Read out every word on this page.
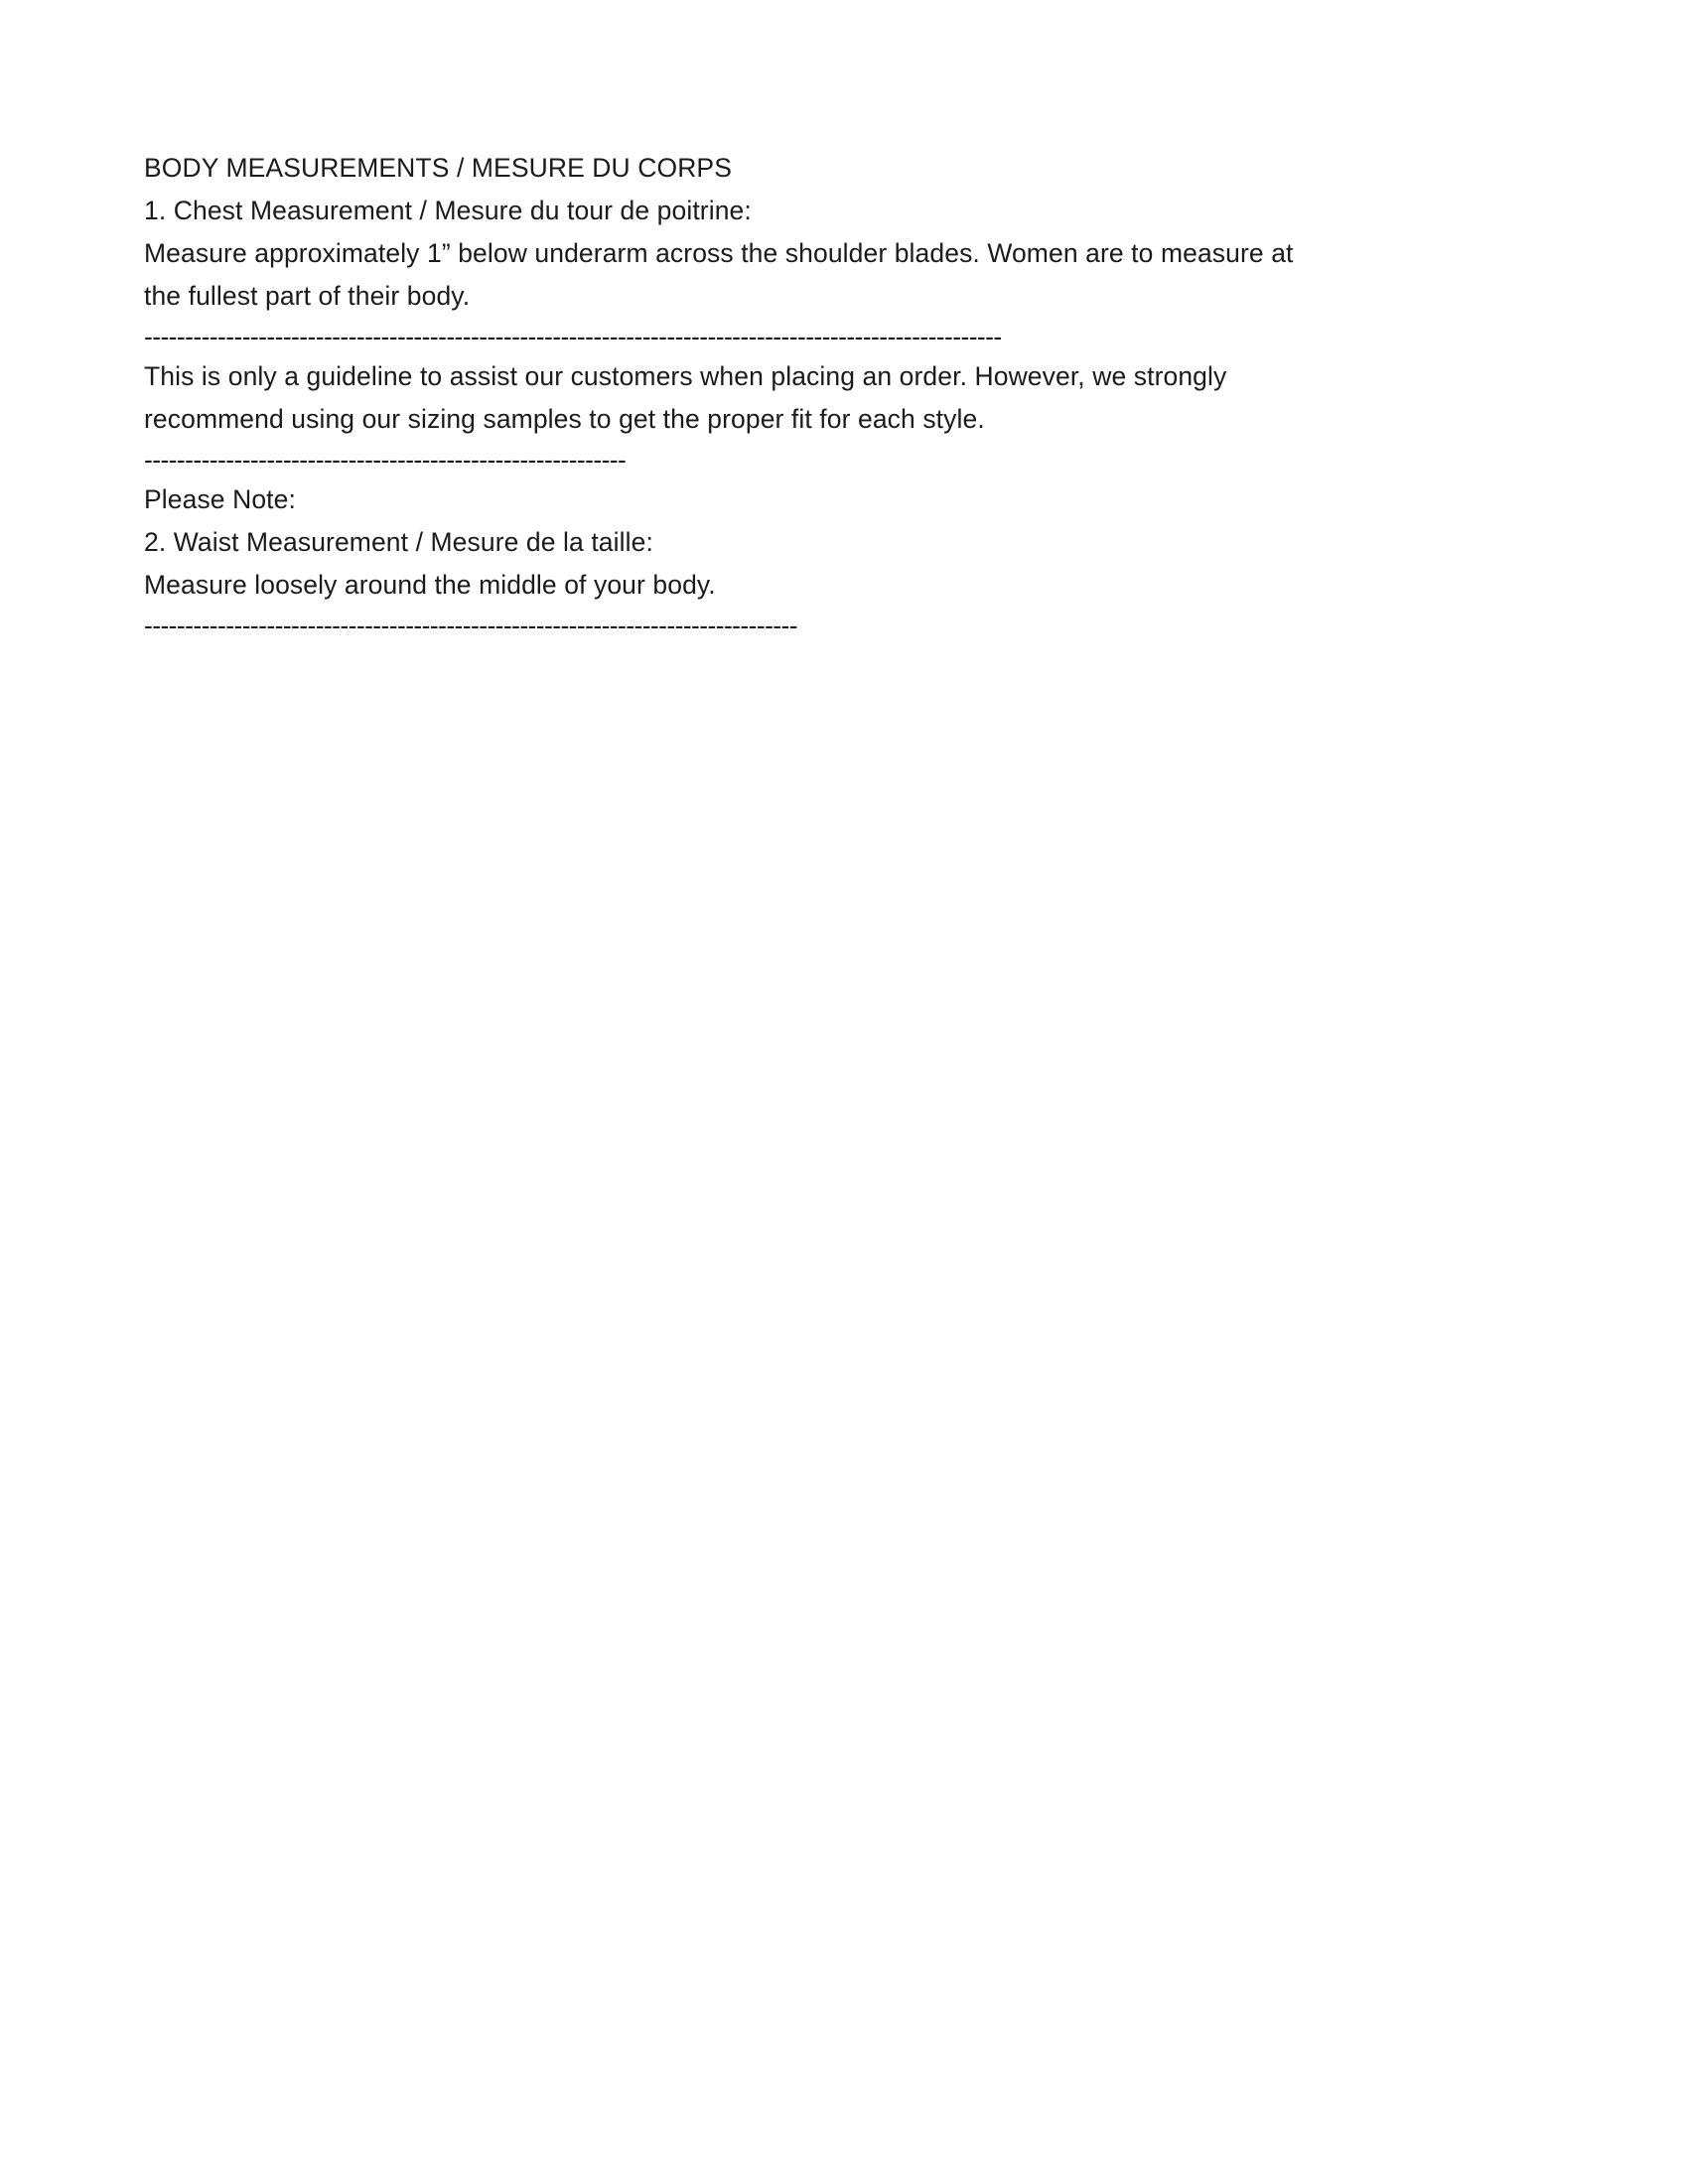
BODY MEASUREMENTS / MESURE DU CORPS
1. Chest Measurement / Mesure du tour de poitrine:
Measure approximately 1” below underarm across the shoulder blades. Women are to measure at the fullest part of their body.
---------------------------------------------------------------------------------------------------------
This is only a guideline to assist our customers when placing an order. However, we strongly recommend using our sizing samples to get the proper fit for each style.
-----------------------------------------------------------
Please Note:
2. Waist Measurement / Mesure de la taille:
Measure loosely around the middle of your body.
--------------------------------------------------------------------------------
